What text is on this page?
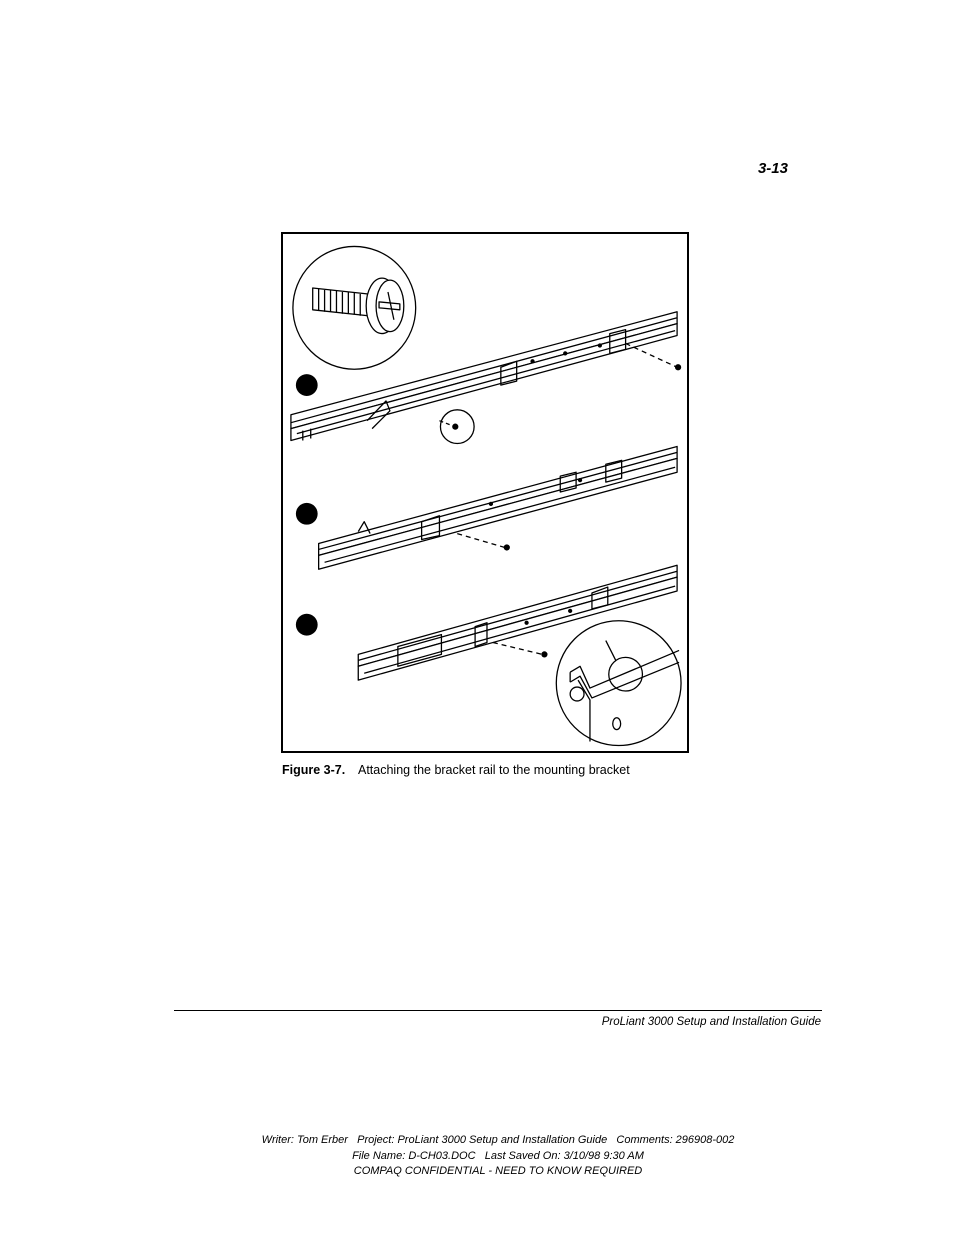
3-13
Figure 3-7. Attaching the bracket rail to the mounting bracket
ProLiant 3000 Setup and Installation Guide
Writer: Tom Erber   Project: ProLiant 3000 Setup and Installation Guide   Comments: 296908-002
File Name: D-CH03.DOC   Last Saved On: 3/10/98 9:30 AM
COMPAQ CONFIDENTIAL - NEED TO KNOW REQUIRED
